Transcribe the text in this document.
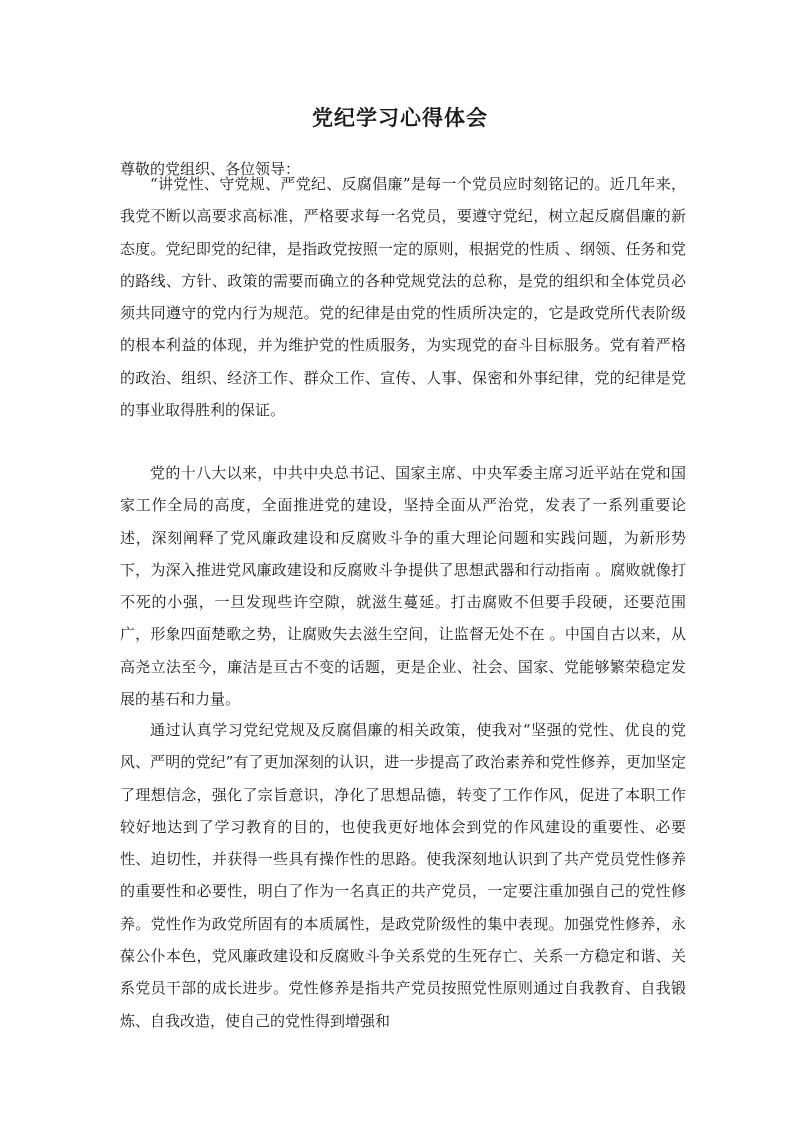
党纪学习心得体会
尊敬的党组织、各位领导：

“讲党性、守党规、严党纪、反腐倡廉”是每一个党员应时刻铭记的。近几年来，我党不断以高要求高标准，严格要求每一名党员，要遵守党纪，树立起反腐倡廉的新态度。党纪即党的纪律，是指政党按照一定的原则，根据党的性质 、纲领、任务和党的路线、方针、政策的需要而确立的各种党规党法的总称，是党的组织和全体党员必须共同遵守的党内行为规范。党的纪律是由党的性质所决定的，它是政党所代表阶级的根本利益的体现，并为维护党的性质服务，为实现党的奋斗目标服务。党有着严格的政治、组织、经济工作、群众工作、宣传、人事、保密和外事纪律，党的纪律是党的事业取得胜利的保证。

党的十八大以来，中共中央总书记、国家主席、中央军委主席习近平站在党和国家工作全局的高度，全面推进党的建设，坚持全面从严治党，发表了一系列重要论述，深刻阐释了党风廉政建设和反腐败斗争的重大理论问题和实践问题，为新形势下，为深入推进党风廉政建设和反腐败斗争提供了思想武器和行动指南 。腐败就像打不死的小强，一旦发现些许空隙，就滋生蔓延。打击腐败不但要手段硬，还要范围广，形象四面楚歌之势，让腐败失去滋生空间，让监督无处不在 。中国自古以来，从高尧立法至今，廉洁是亘古不变的话题，更是企业、社会、国家、党能够繁荣稳定发展的基石和力量。

通过认真学习党纪党规及反腐倡廉的相关政策，使我对“坚强的党性、优良的党风、严明的党纪”有了更加深刻的认识，进一步提高了政治素养和党性修养，更加坚定了理想信念，强化了宗旨意识，净化了思想品德，转变了工作作风，促进了本职工作较好地达到了学习教育的目的，也使我更好地体会到党的作风建设的重要性、必要性、迫切性，并获得一些具有操作性的思路。使我深刻地认识到了共产党员党性修养的重要性和必要性，明白了作为一名真正的共产党员，一定要注重加强自己的党性修养。党性作为政党所固有的本质属性，是政党阶级性的集中表现。加强党性修养，永葆公仆本色，党风廉政建设和反腐败斗争关系党的生死存亡、关系一方稳定和谐、关系党员干部的成长进步。党性修养是指共产党员按照党性原则通过自我教育、自我锻炼、自我改造，使自己的党性得到增强和
